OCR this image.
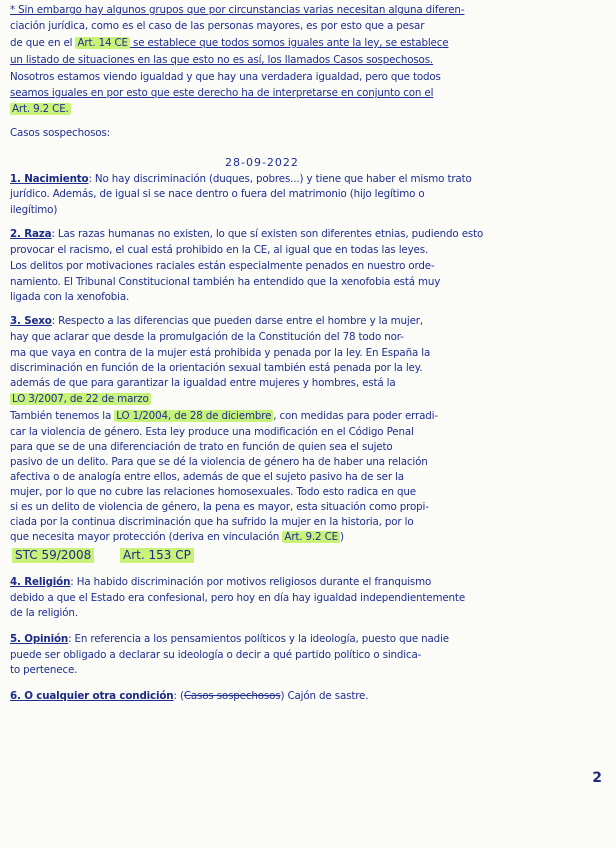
* Sin embargo hay algunos grupos que por circunstancias varias necesitan alguna diferen-
ciación jurídica, como es el caso de las personas mayores, es por esto que a pesar
de que en el Art. 14 CE se establece que todos somos iguales ante la ley, se establece
un listado de situaciones en las que esto no es así, los llamados Casos sospechosos.
Nosotros estamos viendo igualdad y que hay una verdadera igualdad, pero que todos
seamos iguales en por esto que este derecho ha de interpretarse en conjunto con el
Art. 9.2 CE.
Casos sospechosos:
28-09-2022
1. Nacimiento: No hay discriminación (duques, pobres...) y tiene que haber el mismo trato
jurídico. Además, de igual si se nace dentro o fuera del matrimonio (hijo legítimo o
ilegítimo)
2. Raza: Las razas humanas no existen, lo que sí existen son diferentes etnias, pudiendo esto
provocar el racismo, el cual está prohibido en la CE, al igual que en todas las leyes.
Los delitos por motivaciones raciales están especialmente penados en nuestro orde-
namiento. El Tribunal Constitucional también ha entendido que la xenofobia está muy
ligada con la xenofobia.
3. Sexo: Respecto a las diferencias que pueden darse entre el hombre y la mujer,
hay que aclarar que desde la promulgación de la Constitución del 78 todo nor-
ma que vaya en contra de la mujer está prohibida y penada por la ley. En España la
discriminación en función de la orientación sexual también está penada por la ley.
además de que para garantizar la igualdad entre mujeres y hombres, está la
LO 3/2007, de 22 de marzo
También tenemos la LO 1/2004, de 28 de diciembre , con medidas para poder erradi-
car la violencia de género. Esta ley produce una modificación en el Código Penal
para que se de una diferenciación de trato en función de quien sea el sujeto
pasivo de un delito. Para que se dé la violencia de género ha de haber una relación
afectiva o de analogía entre ellos, además de que el sujeto pasivo ha de ser la
mujer, por lo que no cubre las relaciones homosexuales. Todo esto radica en que
si es un delito de violencia de género, la pena es mayor, esta situación como propi-
ciada por la continua discriminación que ha sufrido la mujer en la historia, por lo
que necesita mayor protección (deriva en vinculación Art. 9.2 CE )
STC 59/2008	Art. 153 CP
4. Religión: Ha habido discriminación por motivos religiosos durante el franquismo
debido a que el Estado era confesional, pero hoy en día hay igualdad independientemente
de la religión.
5. Opinión: En referencia a los pensamientos políticos y la ideología, puesto que nadie
puede ser obligado a declarar su ideología o decir a qué partido político o sindica-
to pertenece.
6. O cualquier otra condición: (Casos sospechosos) Cajón de sastre.
2
